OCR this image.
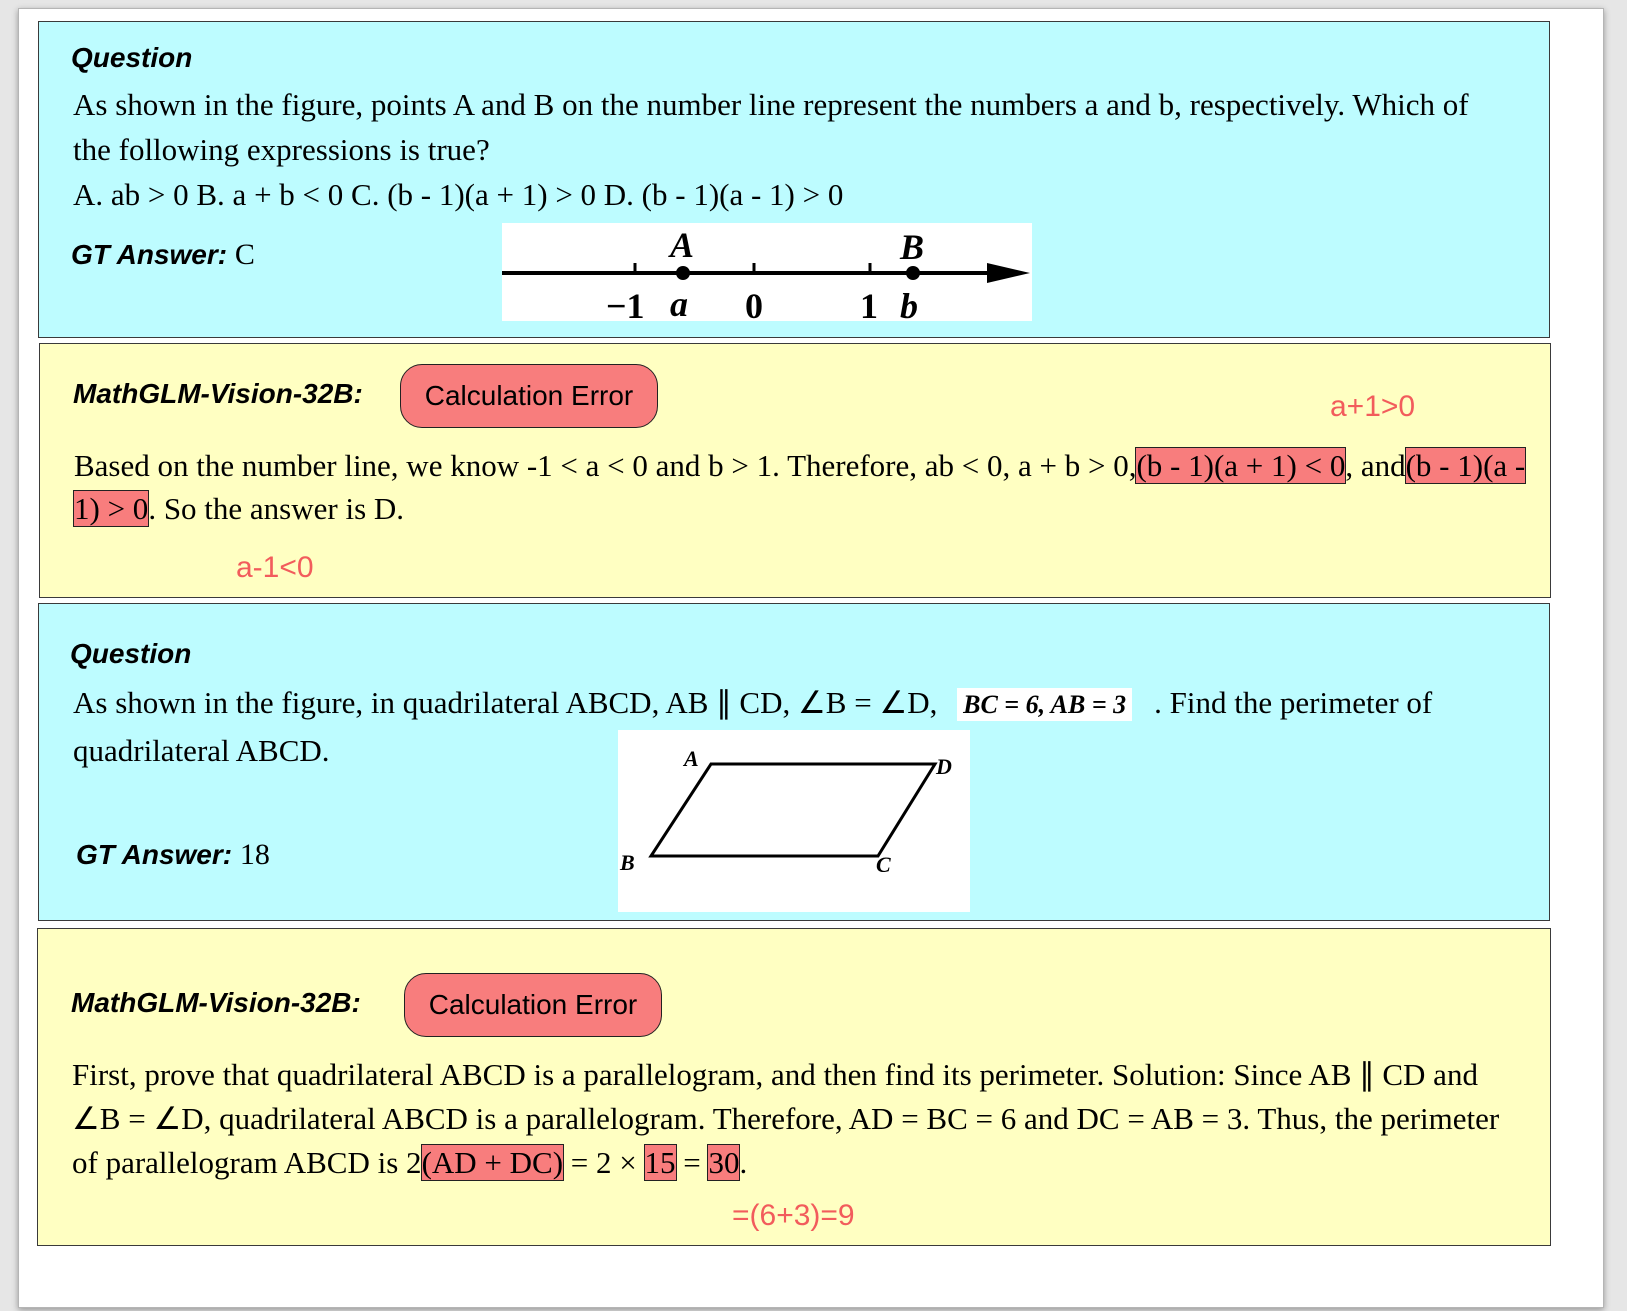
Question
As shown in the figure, points A and B on the number line represent the numbers a and b, respectively. Which of the following expressions is true?
A. ab > 0 B. a + b < 0 C. (b - 1)(a + 1) > 0 D. (b - 1)(a - 1) > 0
GT Answer: C	A	B
−1 a 0	1 b
MathGLM-Vision-32B:	Calculation Error	a+1>0
Based on the number line, we know -1 < a < 0 and b > 1. Therefore, ab < 0, a + b > 0,(b - 1)(a + 1) < 0, and(b - 1)(a - 1) > 0. So the answer is D.
a-1<0
Question
As shown in the figure, in quadrilateral ABCD, AB ∥ CD, ∠B = ∠D, BC = 6, AB = 3 . Find the perimeter of quadrilateral ABCD.
GT Answer: 18
A	D
B	C
MathGLM-Vision-32B:	Calculation Error
First, prove that quadrilateral ABCD is a parallelogram, and then find its perimeter. Solution: Since AB ∥ CD and ∠B = ∠D, quadrilateral ABCD is a parallelogram. Therefore, AD = BC = 6 and DC = AB = 3. Thus, the perimeter of parallelogram ABCD is 2(AD + DC) = 2 × 15 = 30.
=(6+3)=9
